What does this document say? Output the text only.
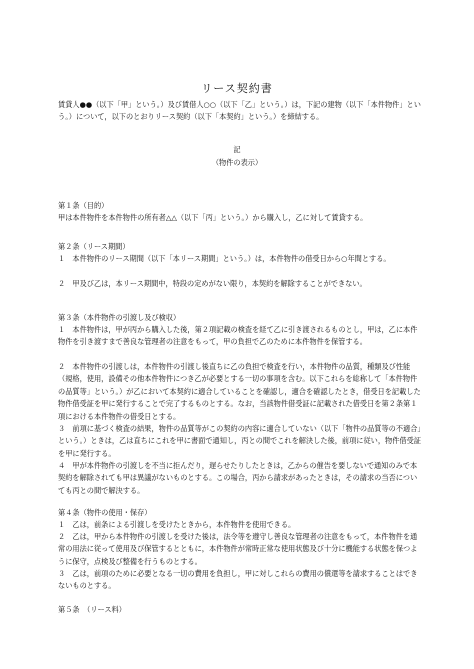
リース契約書
賃貸人●●（以下「甲」という。）及び賃借人○○（以下「乙」という。）は，下記の建物（以下「本件物件」という。）について，以下のとおりリース契約（以下「本契約」という。）を締結する。
記
（物件の表示）
第１条（目的）
甲は本件物件を本件物件の所有者△△（以下「丙」という。）から購入し，乙に対して賃貸する。
第２条（リース期間）
１　本件物件のリース期間（以下「本リース期間」という。）は，本件物件の借受日から○年間とする。
２　甲及び乙は，本リース期間中，特段の定めがない限り，本契約を解除することができない。
第３条（本件物件の引渡し及び検収）
１　本件物件は，甲が丙から購入した後，第２項記載の検査を経て乙に引き渡されるものとし，甲は，乙に本件物件を引き渡すまで善良な管理者の注意をもって，甲の負担で乙のために本件物件を保管する。
２　本件物件の引渡しは，本件物件の引渡し後直ちに乙の負担で検査を行い，本件物件の品質，種類及び性能（規格，使用，設備その他本件物件につき乙が必要とする一切の事項を含む。以下これらを総称して「本件物件の品質等」という。）が乙において本契約に適合していることを確認し，適合を確認したとき，借受日を記載した物件借受証を甲に発行することで完了するものとする。なお，当該物件借受証に記載された借受日を第２条第１項における本件物件の借受日とする。
３　前項に基づく検査の結果，物件の品質等がこの契約の内容に適合していない（以下「物件の品質等の不適合」という。）ときは，乙は直ちにこれを甲に書面で通知し，丙との間でこれを解決した後，前項に従い，物件借受証を甲に発行する。
４　甲が本件物件の引渡しを不当に拒んだり，遅らせたりしたときは，乙からの催告を要しないで通知のみで本契約を解除されても甲は異議がないものとする。この場合，丙から請求があったときは，その請求の当否についても丙との間で解決する。
第４条（物件の使用・保存）
１　乙は，前条による引渡しを受けたときから，本件物件を使用できる。
２　乙は，甲から本件物件の引渡しを受けた後は，法令等を遵守し善良な管理者の注意をもって，本件物件を通常の用法に従って使用及び保管するとともに，本件物件が常時正常な使用状態及び十分に機能する状態を保つように保守，点検及び整備を行うものとする。
３　乙は，前項のために必要となる一切の費用を負担し，甲に対しこれらの費用の償還等を請求することはできないものとする。
第５条　（リース料）
